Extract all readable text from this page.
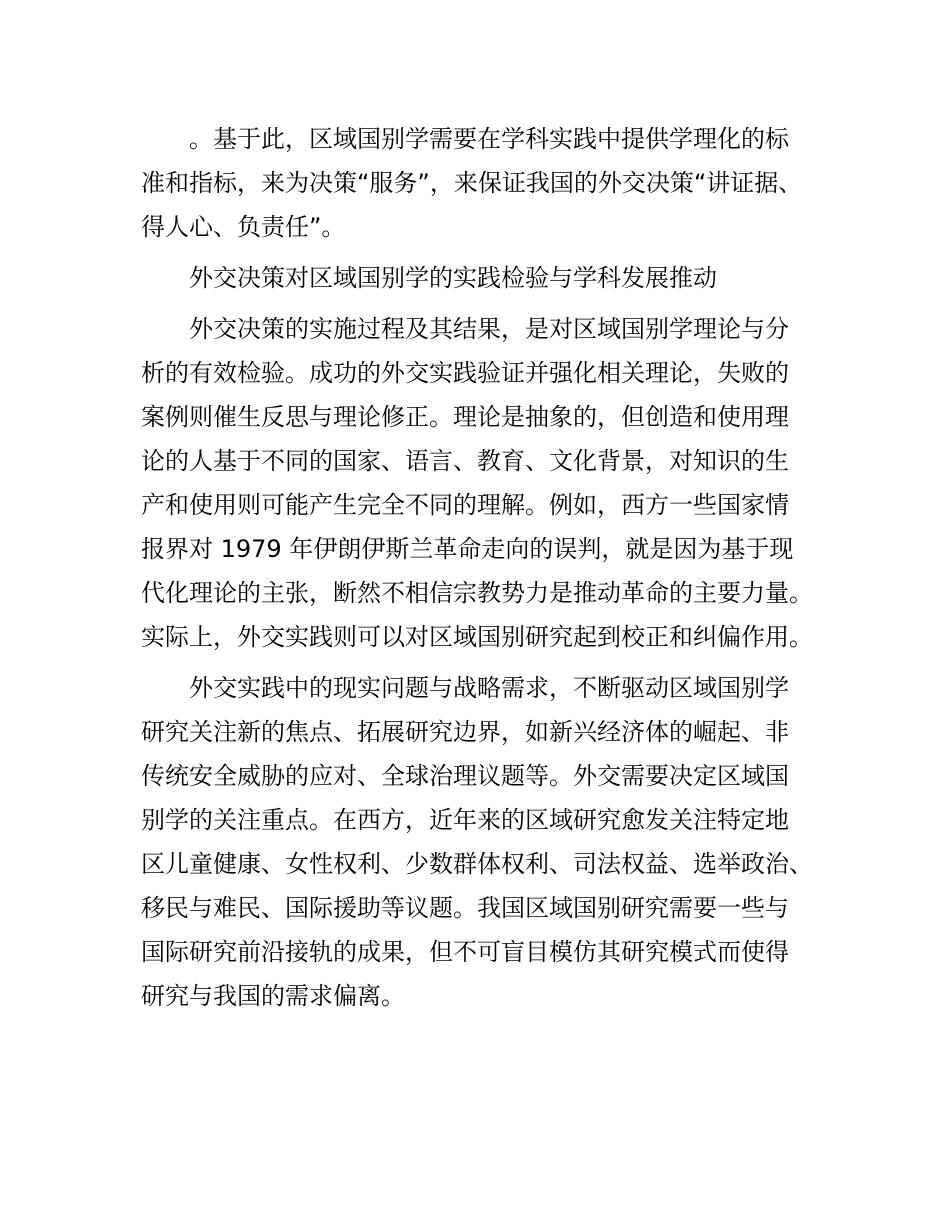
　　。基于此，区域国别学需要在学科实践中提供学理化的标

准和指标，来为决策“服务”，来保证我国的外交决策“讲证据、

得人心、负责任”。

　　外交决策对区域国别学的实践检验与学科发展推动

　　外交决策的实施过程及其结果，是对区域国别学理论与分

析的有效检验。成功的外交实践验证并强化相关理论，失败的

案例则催生反思与理论修正。理论是抽象的，但创造和使用理

论的人基于不同的国家、语言、教育、文化背景，对知识的生

产和使用则可能产生完全不同的理解。例如，西方一些国家情

报界对 1979 年伊朗伊斯兰革命走向的误判，就是因为基于现

代化理论的主张，断然不相信宗教势力是推动革命的主要力量。

实际上，外交实践则可以对区域国别研究起到校正和纠偏作用。

　　外交实践中的现实问题与战略需求，不断驱动区域国别学

研究关注新的焦点、拓展研究边界，如新兴经济体的崛起、非

传统安全威胁的应对、全球治理议题等。外交需要决定区域国

别学的关注重点。在西方，近年来的区域研究愈发关注特定地

区儿童健康、女性权利、少数群体权利、司法权益、选举政治、

移民与难民、国际援助等议题。我国区域国别研究需要一些与

国际研究前沿接轨的成果，但不可盲目模仿其研究模式而使得

研究与我国的需求偏离。
